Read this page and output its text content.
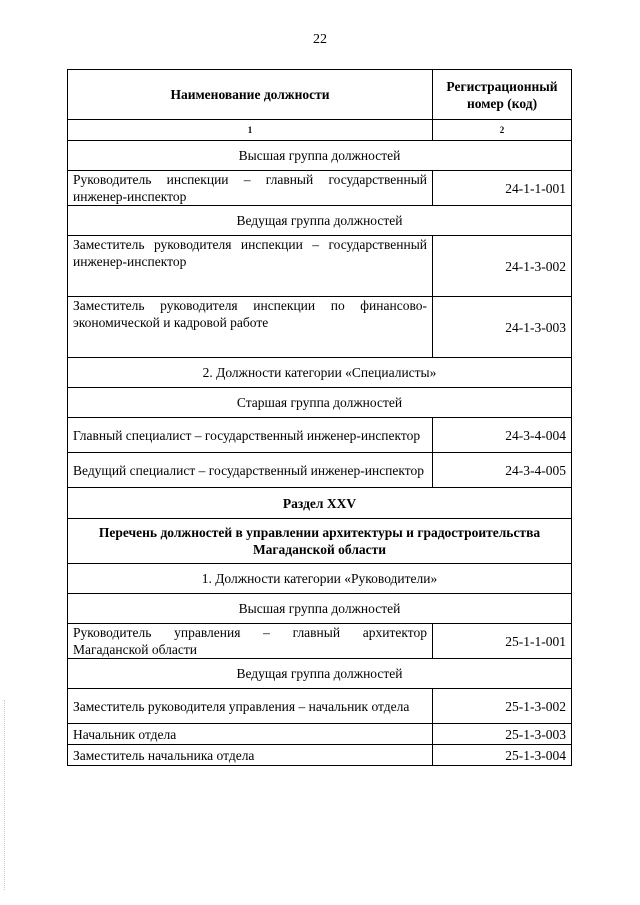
22
Наименование должности	Регистрационный номер (код)
1	2
Высшая группа должностей	
Руководитель инспекции – главный государственный инженер-инспектор	24-1-1-001
Ведущая группа должностей	
Заместитель руководителя инспекции – государственный инженер-инспектор	24-1-3-002
Заместитель руководителя инспекции по финансово-экономической и кадровой работе	24-1-3-003
2. Должности категории «Специалисты»	
Старшая группа должностей	
Главный специалист – государственный инженер-инспектор	24-3-4-004
Ведущий специалист – государственный инженер-инспектор	24-3-4-005
Раздел XXV	
Перечень должностей в управлении архитектуры и градостроительства Магаданской области	
1. Должности категории «Руководители»	
Высшая группа должностей	
Руководитель управления – главный архитектор Магаданской области	25-1-1-001
Ведущая группа должностей	
Заместитель руководителя управления – начальник отдела	25-1-3-002
Начальник отдела	25-1-3-003
Заместитель начальника отдела	25-1-3-004
